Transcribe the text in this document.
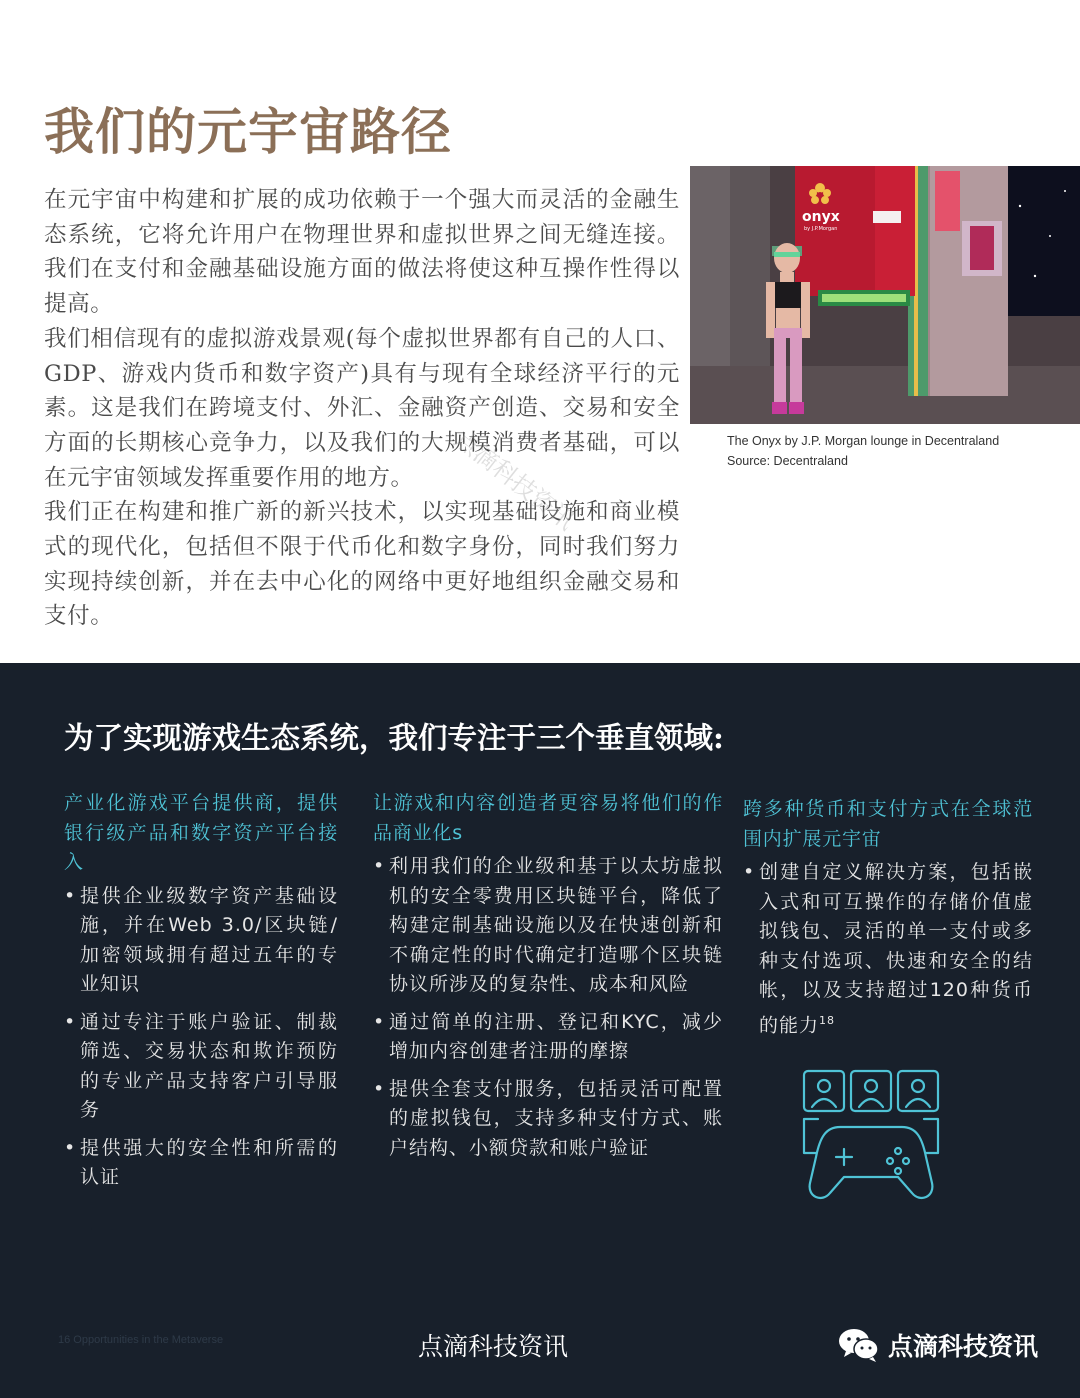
我们的元宇宙路径

在元宇宙中构建和扩展的成功依赖于一个强大而灵活的金融生态系统，它将允许用户在物理世界和虚拟世界之间无缝连接。我们在支付和金融基础设施方面的做法将使这种互操作性得以提高。

我们相信现有的虚拟游戏景观(每个虚拟世界都有自己的人口、GDP、游戏内货币和数字资产)具有与现有全球经济平行的元素。这是我们在跨境支付、外汇、金融资产创造、交易和安全方面的长期核心竞争力，以及我们的大规模消费者基础，可以在元宇宙领域发挥重要作用的地方。

我们正在构建和推广新的新兴技术，以实现基础设施和商业模式的现代化，包括但不限于代币化和数字身份，同时我们努力实现持续创新，并在去中心化的网络中更好地组织金融交易和支付。

onyx
by J.P.Morgan
The Onyx by J.P. Morgan lounge in Decentraland
Source: Decentraland
点滴科技资讯
为了实现游戏生态系统，我们专注于三个垂直领域:
产业化游戏平台提供商，提供银行级产品和数字资产平台接入
• 提供企业级数字资产基础设施，并在Web 3.0/区块链/加密领域拥有超过五年的专业知识
• 通过专注于账户验证、制裁筛选、交易状态和欺诈预防的专业产品支持客户引导服务
• 提供强大的安全性和所需的认证
让游戏和内容创造者更容易将他们的作品商业化s
• 利用我们的企业级和基于以太坊虚拟机的安全零费用区块链平台，降低了构建定制基础设施以及在快速创新和不确定性的时代确定打造哪个区块链协议所涉及的复杂性、成本和风险
• 通过简单的注册、登记和KYC，减少增加内容创建者注册的摩擦
• 提供全套支付服务，包括灵活可配置的虚拟钱包，支持多种支付方式、账户结构、小额贷款和账户验证
跨多种货币和支付方式在全球范围内扩展元宇宙
• 创建自定义解决方案，包括嵌入式和可互操作的存储价值虚拟钱包、灵活的单一支付或多种支付选项、快速和安全的结帐，以及支持超过120种货币的能力$^{18}$
16 Opportunities in the Metaverse	点滴科技资讯	点滴科技资讯
